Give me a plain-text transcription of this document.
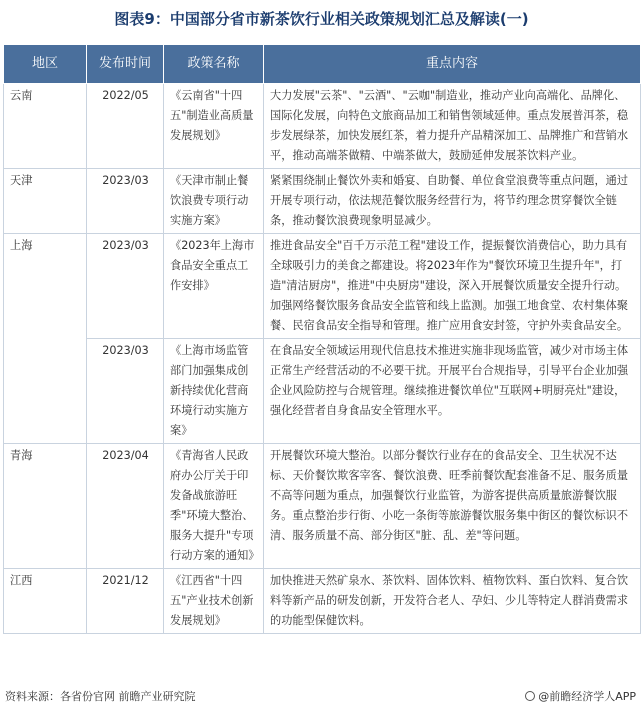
图表9：中国部分省市新茶饮行业相关政策规划汇总及解读(一)
地区	发布时间	政策名称	重点内容
云南	2022/05	《云南省"十四五"制造业高质量发展规划》	大力发展"云茶"、"云酒"、"云咖"制造业，推动产业向高端化、品牌化、国际化发展，向特色文旅商品加工和销售领域延伸。重点发展普洱茶，稳步发展绿茶，加快发展红茶，着力提升产品精深加工、品牌推广和营销水平，推动高端茶做精、中端茶做大，鼓励延伸发展茶饮料产业。
天津	2023/03	《天津市制止餐饮浪费专项行动实施方案》	紧紧围绕制止餐饮外卖和婚宴、自助餐、单位食堂浪费等重点问题，通过开展专项行动，依法规范餐饮服务经营行为，将节约理念贯穿餐饮全链条，推动餐饮浪费现象明显减少。
上海	2023/03	《2023年上海市食品安全重点工作安排》	推进食品安全"百千万示范工程"建设工作，提振餐饮消费信心，助力具有全球吸引力的美食之都建设。将2023年作为"餐饮环境卫生提升年"，打造"清洁厨房"，推进"中央厨房"建设，深入开展餐饮质量安全提升行动。加强网络餐饮服务食品安全监管和线上监测。加强工地食堂、农村集体聚餐、民宿食品安全指导和管理。推广应用食安封签，守护外卖食品安全。
	2023/03	《上海市场监管部门加强集成创新持续优化营商环境行动实施方案》	在食品安全领域运用现代信息技术推进实施非现场监管，减少对市场主体正常生产经营活动的不必要干扰。开展平台合规指导，引导平台企业加强企业风险防控与合规管理。继续推进餐饮单位"互联网+明厨亮灶"建设，强化经营者自身食品安全管理水平。
青海	2023/04	《青海省人民政府办公厅关于印发备战旅游旺季"环境大整治、服务大提升"专项行动方案的通知》	开展餐饮环境大整治。以部分餐饮行业存在的食品安全、卫生状况不达标、天价餐饮欺客宰客、餐饮浪费、旺季前餐饮配套准备不足、服务质量不高等问题为重点，加强餐饮行业监管，为游客提供高质量旅游餐饮服务。重点整治步行街、小吃一条街等旅游餐饮服务集中街区的餐饮标识不清、服务质量不高、部分街区"脏、乱、差"等问题。
江西	2021/12	《江西省"十四五"产业技术创新发展规划》	加快推进天然矿泉水、茶饮料、固体饮料、植物饮料、蛋白饮料、复合饮料等新产品的研发创新，开发符合老人、孕妇、少儿等特定人群消费需求的功能型保健饮料。
资料来源：各省份官网 前瞻产业研究院	@前瞻经济学人APP
